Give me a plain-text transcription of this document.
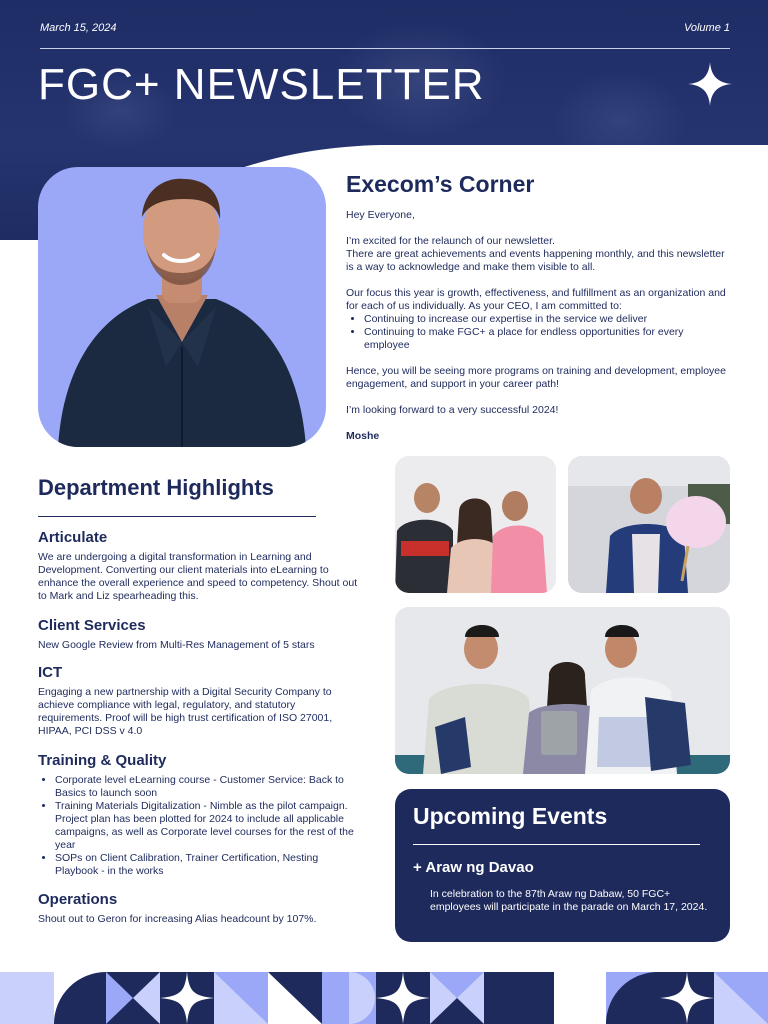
March 15, 2024	Volume 1
FGC+ NEWSLETTER
Execom’s Corner

Hey Everyone,

I’m excited for the relaunch of our newsletter.
There are great achievements and events happening monthly, and this newsletter is a way to acknowledge and make them visible to all.

Our focus this year is growth, effectiveness, and fulfillment as an organization and for each of us individually. As your CEO, I am committed to:

• Continuing to increase our expertise in the service we deliver
• Continuing to make FGC+ a place for endless opportunities for every employee

Hence, you will be seeing more programs on training and development, employee engagement, and support in your career path!

I’m looking forward to a very successful 2024!

Moshe

Department Highlights
Articulate

We are undergoing a digital transformation in Learning and Development. Converting our client materials into eLearning to enhance the overall experience and speed to competency. Shout out to Mark and Liz spearheading this.

Client Services

New Google Review from Multi-Res Management of 5 stars

ICT

Engaging a new partnership with a Digital Security Company to achieve compliance with legal, regulatory, and statutory requirements. Proof will be high trust certification of ISO 27001, HIPAA, PCI DSS v 4.0

Training & Quality
• Corporate level eLearning course - Customer Service: Back to Basics to launch soon
• Training Materials Digitalization - Nimble as the pilot campaign. Project plan has been plotted for 2024 to include all applicable campaigns, as well as Corporate level courses for the rest of the year
• SOPs on Client Calibration, Trainer Certification, Nesting Playbook - in the works
Operations

Shout out to Geron for increasing Alias headcount by 107%.

Upcoming Events
+ Araw ng Davao
In celebration to the 87th Araw ng Dabaw, 50 FGC+ employees will participate in the parade on March 17, 2024.
